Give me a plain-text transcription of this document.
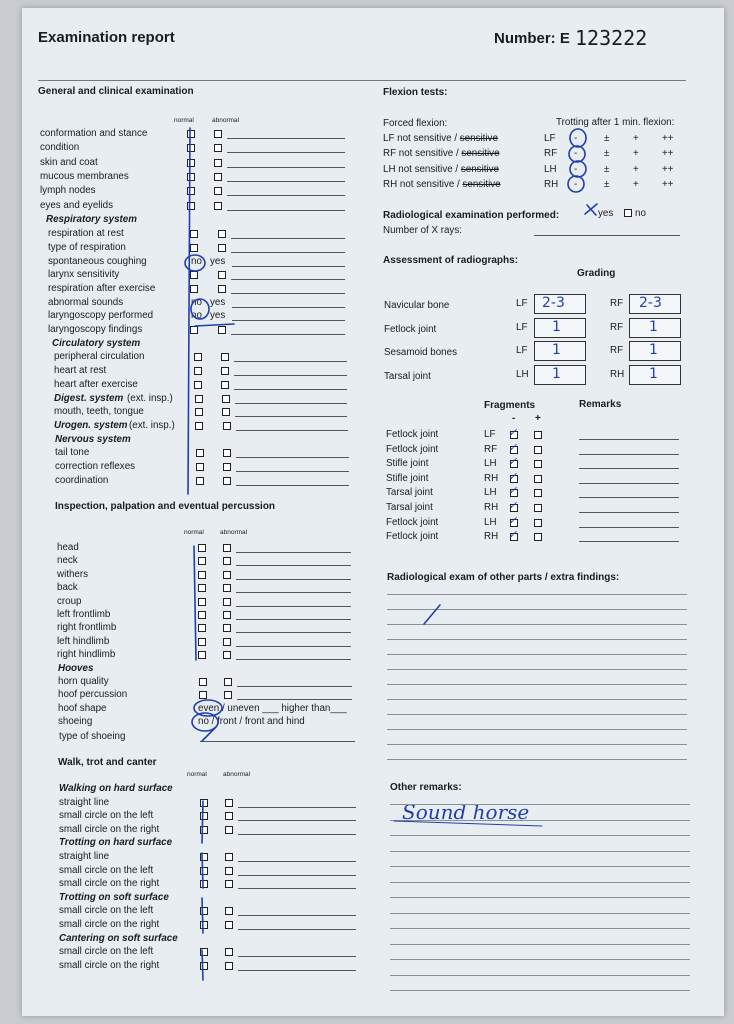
Examination report	Number: E 123222
General and clinical examination
normal	abnormal
conformation and stance
condition
skin and coat
mucous membranes
lymph nodes
eyes and eyelids
Respiratory system
respiration at rest
type of respiration
spontaneous coughing	no yes
larynx sensitivity
respiration after exercise
abnormal sounds	no yes
laryngoscopy performed	no yes
laryngoscopy findings
Circulatory system
peripheral circulation
heart at rest
heart after exercise
Digest. system (ext. insp.)
mouth, teeth, tongue
Urogen. system (ext. insp.)
Nervous system
tail tone
correction reflexes
coordination
Inspection, palpation and eventual percussion
normal abnormal
head
neck
withers
back
croup
left frontlimb
right frontlimb
left hindlimb
right hindlimb
Hooves
horn quality
hoof percussion
hoof shape	even / uneven ___ higher than___
shoeing	no / front / front and hind
type of shoeing
Walk, trot and canter
normal abnormal
Walking on hard surface
straight line
small circle on the left
small circle on the right
Trotting on hard surface
straight line
small circle on the left
small circle on the right
Trotting on soft surface
small circle on the left
small circle on the right
Cantering on soft surface
small circle on the left
small circle on the right
Flexion tests:
Forced flexion:	Trotting after 1 min. flexion:
LF not sensitive / sensitive	LF -	± + ++
RF not sensitive / sensitive	RF -	± + ++
LH not sensitive / sensitive	LH -	± + ++
RH not sensitive / sensitive	RH -	± + ++
Radiological examination performed:	yes no
Number of X rays:
Assessment of radiographs:
Grading
Navicular bone	LF 2-3	RF 2-3
Fetlock joint	LF 1	RF 1
Sesamoid bones	LF 1	RF 1
Tarsal joint	LH 1	RH 1
Fragments	Remarks
- +
Fetlock joint	LF ✓
Fetlock joint	RF ✓
Stifle joint	LH ✓
Stifle joint	RH ✓
Tarsal joint	LH ✓
Tarsal joint	RH ✓
Fetlock joint	LH ✓
Fetlock joint	RH ✓
Radiological exam of other parts / extra findings:
Other remarks:
Sound horse
